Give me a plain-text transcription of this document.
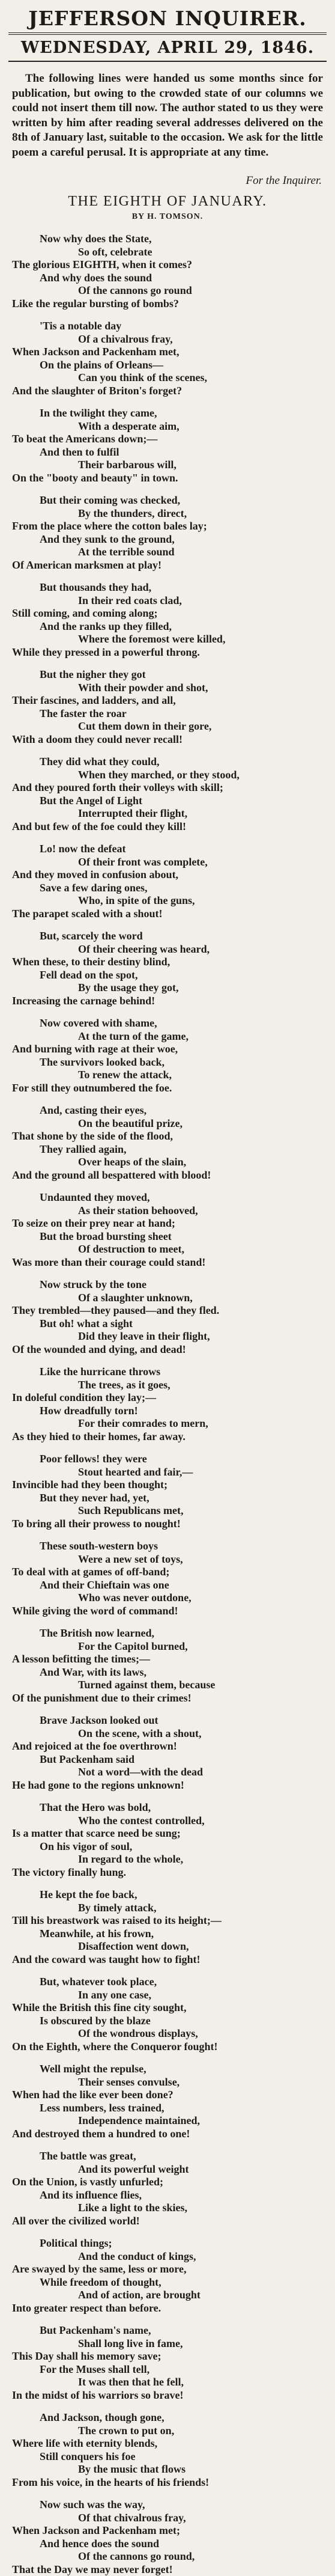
JEFFERSON INQUIRER.
WEDNESDAY, APRIL 29, 1846.

The following lines were handed us some months since for publication, but owing to the crowded state of our columns we could not insert them till now. The author stated to us they were written by him after reading several addresses delivered on the 8th of January last, suitable to the occasion. We ask for the little poem a careful perusal. It is appropriate at any time.

For the Inquirer.
THE EIGHTH OF JANUARY.
BY H. TOMSON.
Now why does the State,
So oft, celebrate
The glorious EIGHTH, when it comes?
And why does the sound
Of the cannons go round
Like the regular bursting of bombs?
'Tis a notable day
Of a chivalrous fray,
When Jackson and Packenham met,
On the plains of Orleans—
Can you think of the scenes,
And the slaughter of Briton's forget?
In the twilight they came,
With a desperate aim,
To beat the Americans down;—
And then to fulfil
Their barbarous will,
On the "booty and beauty" in town.
But their coming was checked,
By the thunders, direct,
From the place where the cotton bales lay;
And they sunk to the ground,
At the terrible sound
Of American marksmen at play!
But thousands they had,
In their red coats clad,
Still coming, and coming along;
And the ranks up they filled,
Where the foremost were killed,
While they pressed in a powerful throng.
But the nigher they got
With their powder and shot,
Their fascines, and ladders, and all,
The faster the roar
Cut them down in their gore,
With a doom they could never recall!
They did what they could,
When they marched, or they stood,
And they poured forth their volleys with skill;
But the Angel of Light
Interrupted their flight,
And but few of the foe could they kill!
Lo! now the defeat
Of their front was complete,
And they moved in confusion about,
Save a few daring ones,
Who, in spite of the guns,
The parapet scaled with a shout!
But, scarcely the word
Of their cheering was heard,
When these, to their destiny blind,
Fell dead on the spot,
By the usage they got,
Increasing the carnage behind!
Now covered with shame,
At the turn of the game,
And burning with rage at their woe,
The survivors looked back,
To renew the attack,
For still they outnumbered the foe.
And, casting their eyes,
On the beautiful prize,
That shone by the side of the flood,
They rallied again,
Over heaps of the slain,
And the ground all bespattered with blood!
Undaunted they moved,
As their station behooved,
To seize on their prey near at hand;
But the broad bursting sheet
Of destruction to meet,
Was more than their courage could stand!
Now struck by the tone
Of a slaughter unknown,
They trembled—they paused—and they fled.
But oh! what a sight
Did they leave in their flight,
Of the wounded and dying, and dead!
Like the hurricane throws
The trees, as it goes,
In doleful condition they lay;—
How dreadfully torn!
For their comrades to mern,
As they hied to their homes, far away.
Poor fellows! they were
Stout hearted and fair,—
Invincible had they been thought;
But they never had, yet,
Such Republicans met,
To bring all their prowess to nought!
These south-western boys
Were a new set of toys,
To deal with at games of off-band;
And their Chieftain was one
Who was never outdone,
While giving the word of command!
The British now learned,
For the Capitol burned,
A lesson befitting the times;—
And War, with its laws,
Turned against them, because
Of the punishment due to their crimes!
Brave Jackson looked out
On the scene, with a shout,
And rejoiced at the foe overthrown!
But Packenham said
Not a word—with the dead
He had gone to the regions unknown!
That the Hero was bold,
Who the contest controlled,
Is a matter that scarce need be sung;
On his vigor of soul,
In regard to the whole,
The victory finally hung.
He kept the foe back,
By timely attack,
Till his breastwork was raised to its height;—
Meanwhile, at his frown,
Disaffection went down,
And the coward was taught how to fight!
But, whatever took place,
In any one case,
While the British this fine city sought,
Is obscured by the blaze
Of the wondrous displays,
On the Eighth, where the Conqueror fought!
Well might the repulse,
Their senses convulse,
When had the like ever been done?
Less numbers, less trained,
Independence maintained,
And destroyed them a hundred to one!
The battle was great,
And its powerful weight
On the Union, is vastly unfurled;
And its influence flies,
Like a light to the skies,
All over the civilized world!
Political things;
And the conduct of kings,
Are swayed by the same, less or more,
While freedom of thought,
And of action, are brought
Into greater respect than before.
But Packenham's name,
Shall long live in fame,
This Day shall his memory save;
For the Muses shall tell,
It was then that he fell,
In the midst of his warriors so brave!
And Jackson, though gone,
The crown to put on,
Where life with eternity blends,
Still conquers his foe
By the music that flows
From his voice, in the hearts of his friends!
Now such was the way,
Of that chivalrous fray,
When Jackson and Packenham met;
And hence does the sound
Of the cannons go round,
That the Day we may never forget!
